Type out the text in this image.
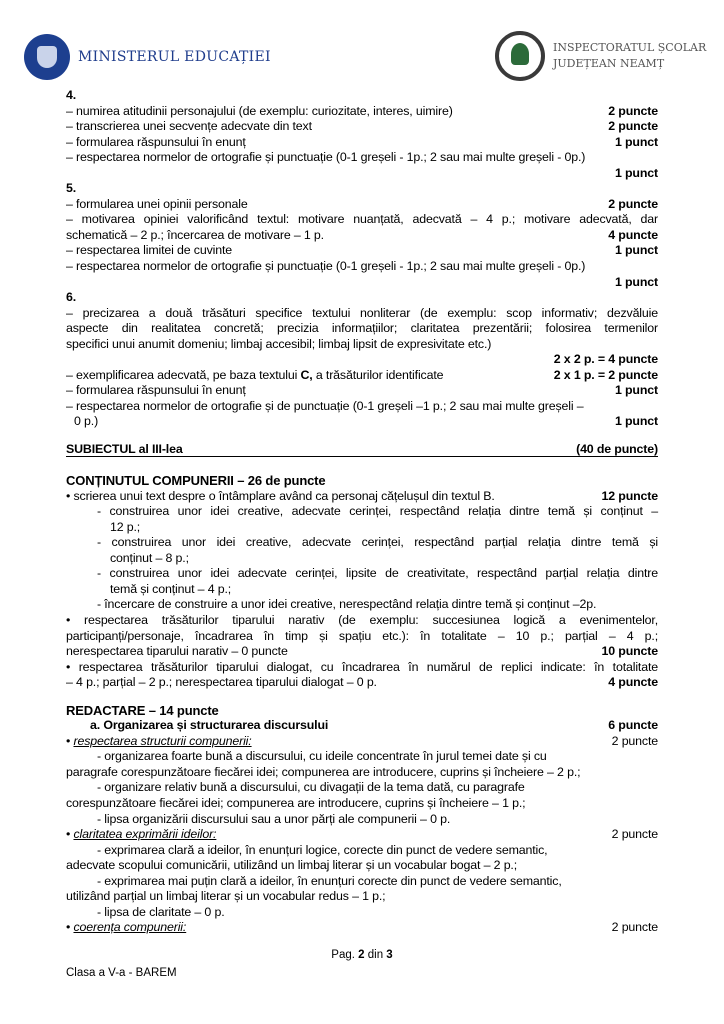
MINISTERUL EDUCAȚIEI
INSPECTORATUL ȘCOLAR
JUDEȚEAN NEAMȚ
4.
– numirea atitudinii personajului (de exemplu: curiozitate, interes, uimire)	2 puncte
– transcrierea unei secvențe adecvate din text	2 puncte
– formularea răspunsului în enunț	1 punct
– respectarea normelor de ortografie și punctuație (0-1 greșeli - 1p.; 2 sau mai multe greșeli - 0p.)
1 punct
5.
– formularea unei opinii personale	2 puncte
– motivarea opiniei valorificând textul: motivare nuanțată, adecvată – 4 p.; motivare adecvată, dar
schematică – 2 p.; încercarea de motivare – 1 p.	4 puncte
– respectarea limitei de cuvinte	1 punct
– respectarea normelor de ortografie și punctuație (0-1 greșeli - 1p.; 2 sau mai multe greșeli - 0p.)
1 punct
6.
– precizarea a două trăsături specifice textului nonliterar (de exemplu: scop informativ; dezvăluie
aspecte din realitatea concretă; precizia informațiilor; claritatea prezentării; folosirea termenilor
specifici unui anumit domeniu; limbaj accesibil; limbaj lipsit de expresivitate etc.)
2 x 2 p. = 4 puncte
– exemplificarea adecvată, pe baza textului C, a trăsăturilor identificate	2 x 1 p. = 2 puncte
– formularea răspunsului în enunț	1 punct
– respectarea normelor de ortografie și de punctuație (0-1 greșeli –1 p.; 2 sau mai multe greșeli –
0 p.)	1 punct
SUBIECTUL al III-lea	(40 de puncte)
CONȚINUTUL COMPUNERII – 26 de puncte
• scrierea unui text despre o întâmplare având ca personaj cățelușul din textul B.	12 puncte
- construirea unor idei creative, adecvate cerinței, respectând relația dintre temă și conținut –
12 p.;
- construirea unor idei creative, adecvate cerinței, respectând parțial relația dintre temă și
conținut – 8 p.;
- construirea unor idei adecvate cerinței, lipsite de creativitate, respectând parțial relația dintre
temă și conținut – 4 p.;
- încercare de construire a unor idei creative, nerespectând relația dintre temă și conținut –2p.
• respectarea trăsăturilor tiparului narativ (de exemplu: succesiunea logică a evenimentelor,
participanți/personaje, încadrarea în timp și spațiu etc.): în totalitate – 10 p.; parțial – 4 p.;
nerespectarea tiparului narativ – 0 puncte	10 puncte
• respectarea trăsăturilor tiparului dialogat, cu încadrarea în numărul de replici indicate: în totalitate
– 4 p.; parțial – 2 p.; nerespectarea tiparului dialogat – 0 p.	4 puncte
REDACTARE – 14 puncte
a. Organizarea și structurarea discursului	6 puncte
• respectarea structurii compunerii:	2 puncte
- organizarea foarte bună a discursului, cu ideile concentrate în jurul temei date și cu
paragrafe corespunzătoare fiecărei idei; compunerea are introducere, cuprins și încheiere – 2 p.;
- organizare relativ bună a discursului, cu divagații de la tema dată, cu paragrafe
corespunzătoare fiecărei idei; compunerea are introducere, cuprins și încheiere – 1 p.;
- lipsa organizării discursului sau a unor părți ale compunerii – 0 p.
• claritatea exprimării ideilor:	2 puncte
- exprimarea clară a ideilor, în enunțuri logice, corecte din punct de vedere semantic,
adecvate scopului comunicării, utilizând un limbaj literar și un vocabular bogat – 2 p.;
- exprimarea mai puțin clară a ideilor, în enunțuri corecte din punct de vedere semantic,
utilizând parțial un limbaj literar și un vocabular redus – 1 p.;
- lipsa de claritate – 0 p.
• coerența compunerii:	2 puncte
Pag. 2 din 3
Clasa a V-a - BAREM
